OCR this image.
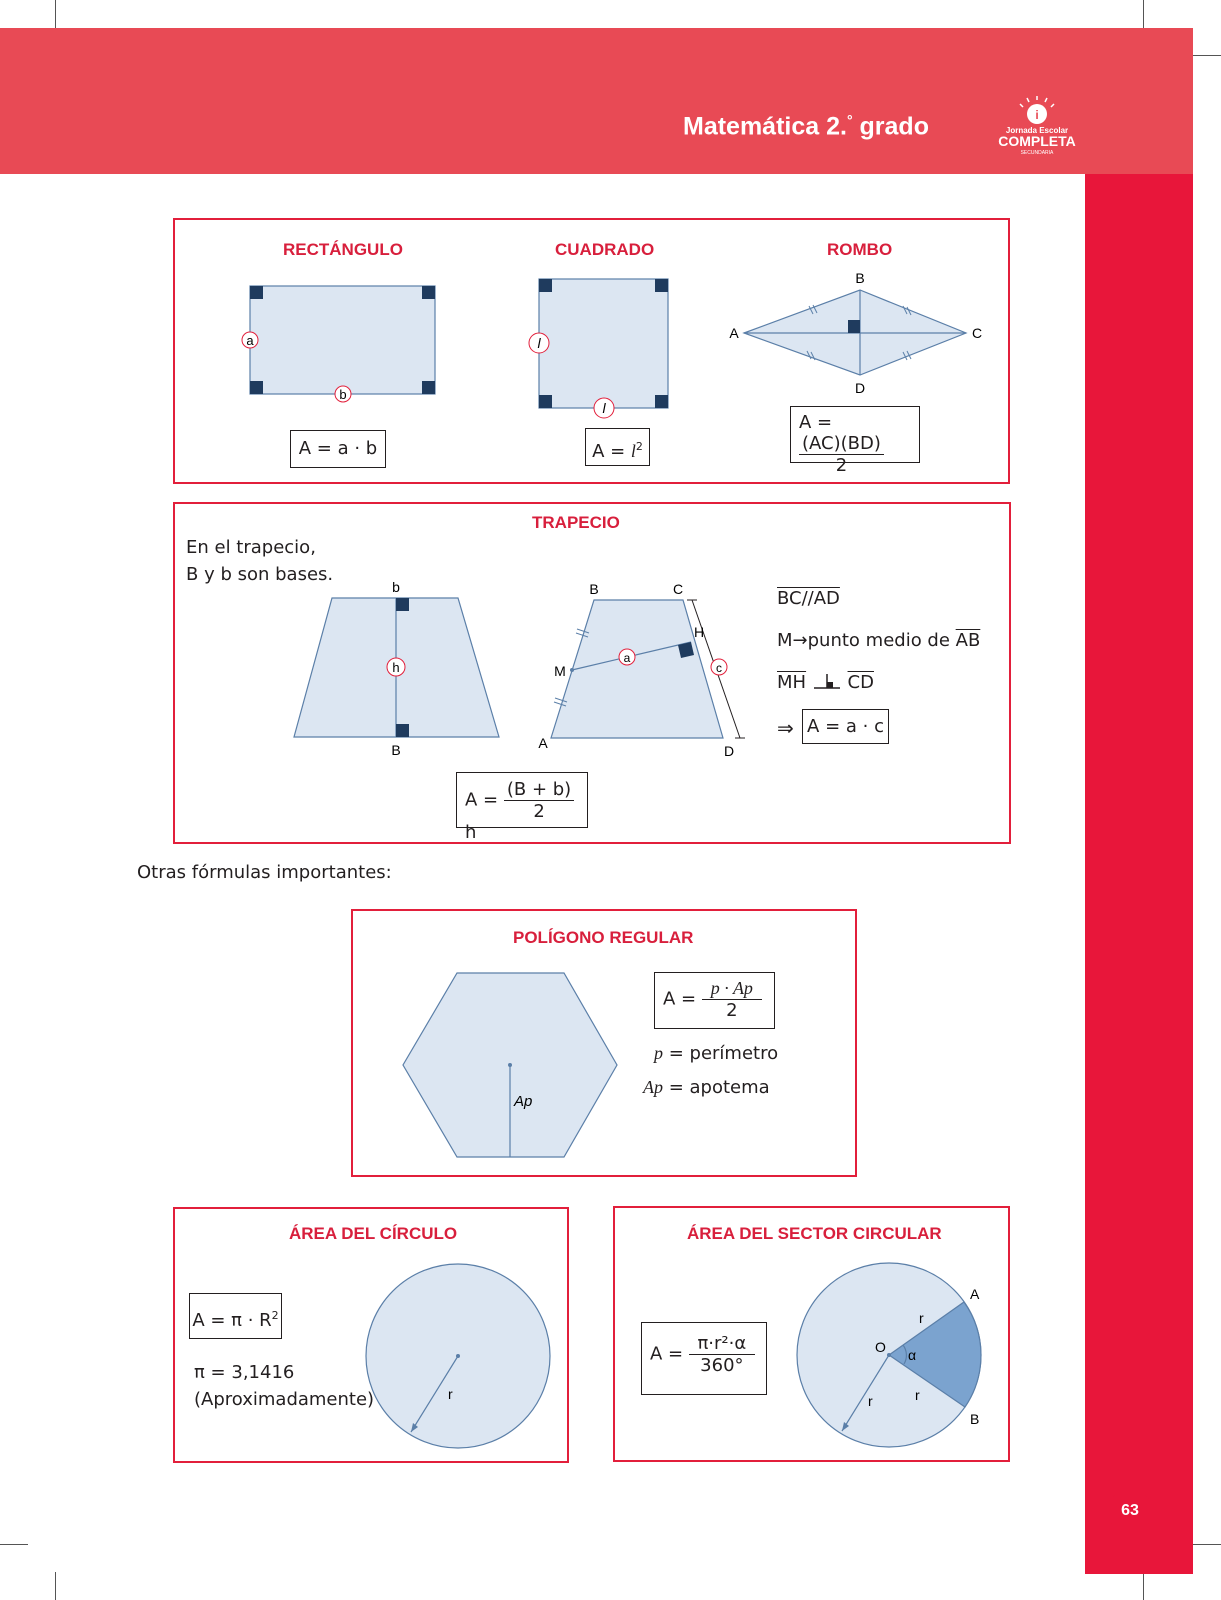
Matemática 2.° grado	i
Jornada Escolar
COMPLETA
SECUNDARIA
63
RECTÁNGULO	CUADRADO	ROMBO
a
b
l
l
B
A	C
D
A = a · b	$A = l^2$
A =
$\frac{(AC)(BD)}{2}$
TRAPECIO
En el trapecio,
B y b son bases.
h
b
B
a
c
B	C
A	D
M
H
$A = \frac{(B + b)}{2}$
h
BC//AD
M→punto medio de $\overline{AB}$
$\overline{MH}$ $\overline{CD}$
⇒ A = a · c
Otras fórmulas importantes:
POLÍGONO REGULAR
Ap
$A = \frac{p \cdot Ap}{2}$
p = perímetro
Ap = apotema
ÁREA DEL CÍRCULO
$A = \pi \cdot R^2$
π = 3,1416
(Aproximadamente)	r
ÁREA DEL SECTOR CIRCULAR
$A = \frac{\text{π·r²·α}}{360^\circ}$	O α
A
B
r
r
r
